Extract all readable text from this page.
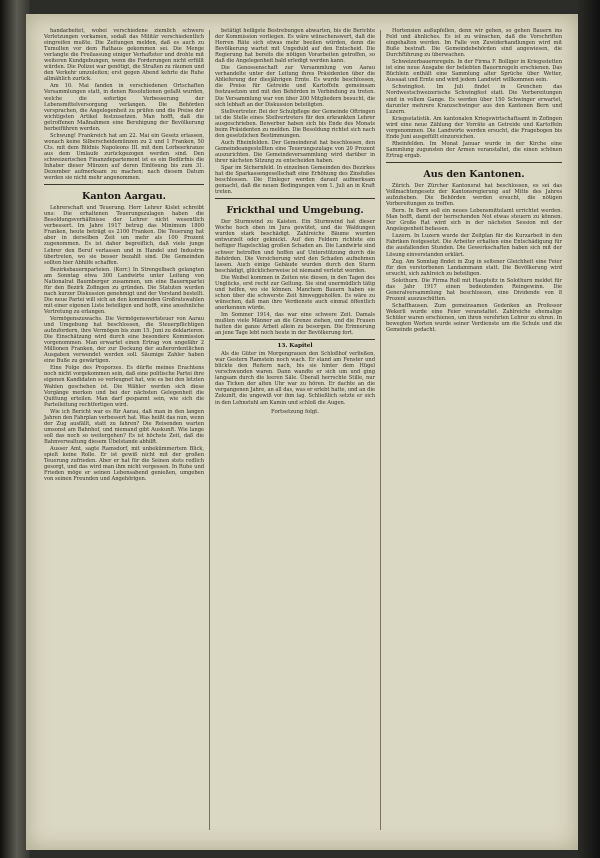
handarbeitet, wobei verschiedene ziemlich schwere Verletzungen vorkamen, sodaß das Militär verschiedentlich eingreifen mußte. Die Zeitungen melden, daß es auch zu Tumulten vor dem Rathaus gekommen sei. Die Menge verlangte die Freilassung einiger Verhafteter und drohte mit weiteren Kundgebungen, wenn die Forderungen nicht erfüllt würden. Die Polizei war genötigt, die Straßen zu räumen und den Verkehr umzuleiten; erst gegen Abend kehrte die Ruhe allmählich zurück.

Am 10. Mai fanden in verschiedenen Ortschaften Versammlungen statt, in denen Resolutionen gefaßt wurden, welche die sofortige Verbesserung der Lebensmittelversorgung verlangen. Die Behörden versprachen, die Angelegenheit zu prüfen und die Preise der wichtigsten Artikel festzusetzen. Man hofft, daß die getroffenen Maßnahmen eine Beruhigung der Bevölkerung herbeiführen werden.

Schwung! Frankreich hat am 22. Mai ein Gesetz erlassen, wonach keine Silberscheidemünzen zu 2 und 1 Franken, 50 Cts. mit dem Bildnis Napoleons III. mit dem Lorbeerkranze aus dem Umlaufe zurückgezogen werden sind. Den schweizerischen Finanzdepartement ist es ein Bedürfnis die Inhaber dieser Münzen auf deren Einlösung bis zum 31. Dezember aufmerksam zu machen; nach diesem Datum werden sie nicht mehr angenommen.

Kanton Aargau.

Lehrerschaft und Teuerung. Herr Lehrer Kislet schreibt uns: Die erhaltenen Teuerungszulagen haben die Besoldungsverhältnisse der Lehrer nicht wesentlich verbessert. Im Jahre 1917 betrug das Minimum 1800 Franken, heute beträgt es 2100 Franken. Die Teuerung hat aber in derselben Zeit um mehr als 100 Prozent zugenommen. Es ist daher begreiflich, daß viele junge Lehrer den Beruf verlassen und in Handel und Industrie übertreten, wo sie besser bezahlt sind. Die Gemeinden sollten hier Abhilfe schaffen.

Bezirksbauernparteien. (Korr.) In Strengelbach gelangten am Sonntag etwa 300 Landwirte unter Leitung von Nationalrat Baumberger zusammen, um eine Bauernpartei für den Bezirk Zofingen zu gründen. Die Statuten wurden nach kurzer Diskussion genehmigt und der Vorstand bestellt. Die neue Partei will sich an den kommenden Großratswahlen mit einer eigenen Liste beteiligen und hofft, eine ansehnliche Vertretung zu erlangen.

Vermögenszuwachs. Die Vermögenswertsteuer von Aarau und Umgebung hat beschlossen, die Steuerpflichtigen aufzufordern, ihre Vermögen bis zum 15. Juni zu deklarieren. Die Einschätzung wird durch eine besondere Kommission vorgenommen. Man erwartet einen Ertrag von ungefähr 2 Millionen Franken, der zur Deckung der außerordentlichen Ausgaben verwendet werden soll. Säumige Zahler haben eine Buße zu gewärtigen.

Eine Folge des Proporzes. Es dürfte meines Erachtens noch nicht vorgekommen sein, daß eine politische Partei ihre eigenen Kandidaten so verleugnet hat, wie es bei den letzten Wahlen geschehen ist. Die Wähler werden sich diese Vorgänge merken und bei der nächsten Gelegenheit die Quittung erteilen. Man darf gespannt sein, wie sich die Parteileitung rechtfertigen wird.

Wie ich Bericht war es für Aarau, daß man in den langen Jahren den Fahrplan verbessert hat. Was heißt das nun, wenn der Zug ausfällt, statt zu fahren? Die Reisenden warten umsonst am Bahnhof, und niemand gibt Auskunft. Wie lange soll das noch so weitergehen? Es ist höchste Zeit, daß die Bahnverwaltung diesem Übelstande abhilft.

Ausser Amt, sagte Ramsdorf, mit unbekümmertem Blick, spielt keine Rolle. Er ist gewiß nicht mit der großen Teuerung zufrieden. Aber er hat für die Seinen stets redlich gesorgt, und das wird man ihm nicht vergessen. In Ruhe und Frieden möge er seinen Lebensabend genießen, umgeben von seinen Freunden und Angehörigen.

betätigt heiligste Bestrebungen abwarten, bis die Berichte der Kommission vorliegen. Es wäre wünschenswert, daß die Herren Räte sich etwas mehr beeilen würden, denn die Bevölkerung wartet mit Ungeduld auf den Entscheid. Die Regierung hat bereits die nötigen Vorarbeiten getroffen, so daß die Angelegenheit bald erledigt werden kann.

Die Genossenschaft zur Versammlung von Aarau verhandelte unter der Leitung ihres Präsidenten über die Ablieferung der diesjährigen Ernte. Es wurde beschlossen, die Preise für Getreide und Kartoffeln gemeinsam festzusetzen und mit den Behörden in Verbindung zu treten. Die Versammlung war von über 200 Mitgliedern besucht, die sich lebhaft an der Diskussion beteiligten.

Stellvertreter. Bei der Schulpflege der Gemeinde Oftringen ist die Stelle eines Stellvertreters für den erkrankten Lehrer ausgeschrieben. Bewerber haben sich bis Ende des Monats beim Präsidenten zu melden. Die Besoldung richtet sich nach den gesetzlichen Bestimmungen.

Auch Rheinfelden. Der Gemeinderat hat beschlossen, den Gemeindeangestellten eine Teuerungszulage von 20 Prozent auszurichten. Die Gemeindeversammlung wird darüber in ihrer nächsten Sitzung zu entscheiden haben.

Spar im Sichernfeld. In einzelnen Gemeinden des Bezirkes hat die Sparkassengesellschaft eine Erhöhung des Zinsfußes beschlossen. Die Einleger werden darauf aufmerksam gemacht, daß die neuen Bedingungen vom 1. Juli an in Kraft treten.

Frickthal und Umgebung.

Der Sturmwind zu Kaisten. Ein Sturmwind hat dieser Woche hoch oben im Jura gewütet, und die Waldungen wurden stark beschädigt. Zahlreiche Bäume wurden entwurzelt oder geknickt. Auf den Feldern richtete ein heftiger Hagelschlag großen Schaden an. Die Landwirte sind schwer betroffen und hoffen auf Unterstützung durch die Behörden. Die Versicherung wird den Schaden aufnehmen lassen. Auch einige Gebäude wurden durch den Sturm beschädigt, glücklicherweise ist niemand verletzt worden.

Die Weibel kommen in Zeiten wie diesen, in den Tagen des Unglücks, erst recht zur Geltung. Sie sind unermüdlich tätig und helfen, wo sie können. Manchem Bauern haben sie schon über die schwerste Zeit hinweggeholfen. Es wäre zu wünschen, daß man ihre Verdienste auch einmal öffentlich anerkennen würde.

Im Sommer 1914, das war eine schwere Zeit. Damals mußten viele Männer an die Grenze ziehen, und die Frauen hatten die ganze Arbeit allein zu besorgen. Die Erinnerung an jene Tage lebt noch heute in der Bevölkerung fort.

13. Kapitel

Als die Güter im Morgengrauen den Schloßhof verließen, war Gestern Ramstein noch wach. Er stand am Fenster und blickte den Reitern nach, bis sie hinter dem Hügel verschwunden waren. Dann wandte er sich um und ging langsam durch die leeren Säle. Überall herrschte Stille, nur das Ticken der alten Uhr war zu hören. Er dachte an die vergangenen Jahre, an all das, was er erlebt hatte, und an die Zukunft, die ungewiß vor ihm lag. Schließlich setzte er sich in den Lehnstuhl am Kamin und schloß die Augen.

Fortsetzung folgt.

Hortensien außupfellen, denn wir gehen, so gehen Bauern ins Feld und ähnliches. Es ist zu wünschen, daß die Vorschriften eingehalten werden. Im Falle von Zuwiderhandlungen wird mit Buße bestraft. Die Gemeindebehörden sind angewiesen, die Durchführung zu überwachen.

Schweizerbauernregeln. In der Firma F. Bolliger in Kriegsstetten ist eine neue Ausgabe der beliebten Bauernregeln erschienen. Das Büchlein enthält eine Sammlung alter Sprüche über Wetter, Aussaat und Ernte und wird jedem Landwirt willkommen sein.

Schwingfest. Im Juli findet in Grenchen das Nordwestschweizerische Schwingfest statt. Die Vorbereitungen sind in vollem Gange. Es werden über 150 Schwinger erwartet, darunter mehrere Kranzschwinger aus den Kantonen Bern und Luzern.

Kriegsstatistik. Am kantonalen Kriegswirtschaftsamt in Zofingen wird eine neue Zählung der Vorräte an Getreide und Kartoffeln vorgenommen. Die Landwirte werden ersucht, die Fragebogen bis Ende Juni ausgefüllt einzureichen.

Rheinfelden. Im Monat Januar wurde in der Kirche eine Sammlung zugunsten der Armen veranstaltet, die einen schönen Ertrag ergab.

Aus den Kantonen.

Zürich. Der Zürcher Kantonsrat hat beschlossen, es sei das Vollmachtengesetz der Kantonsregierung auf Mitte des Jahres aufzuheben. Die Behörden werden ersucht, die nötigen Vorbereitungen zu treffen.

Bern. In Bern soll ein neues Lebensmittelamt errichtet werden. Man hofft, damit der herrschenden Not etwas steuern zu können. Der Große Rat wird sich in der nächsten Session mit der Angelegenheit befassen.

Luzern. In Luzern wurde der Zeitplan für die Kurzarbeit in den Fabriken festgesetzt. Die Arbeiter erhalten eine Entschädigung für die ausfallenden Stunden. Die Gewerkschaften haben sich mit der Lösung einverstanden erklärt.

Zug. Am Sonntag findet in Zug in seltener Gleichheit eine Feier für den verstorbenen Landammann statt. Die Bevölkerung wird ersucht, sich zahlreich zu beteiligen.

Solothurn. Die Firma Roll mit Hauptsitz in Solothurn meldet für das Jahr 1917 einen bedeutenden Reingewinn. Die Generalversammlung hat beschlossen, eine Dividende von 8 Prozent auszuschütten.

Schaffhausen. Zum gemeinsamen Gedenken an Professor Wekerli wurde eine Feier veranstaltet. Zahlreiche ehemalige Schüler waren erschienen, um ihren verehrten Lehrer zu ehren. In bewegten Worten wurde seiner Verdienste um die Schule und die Gemeinde gedacht.
